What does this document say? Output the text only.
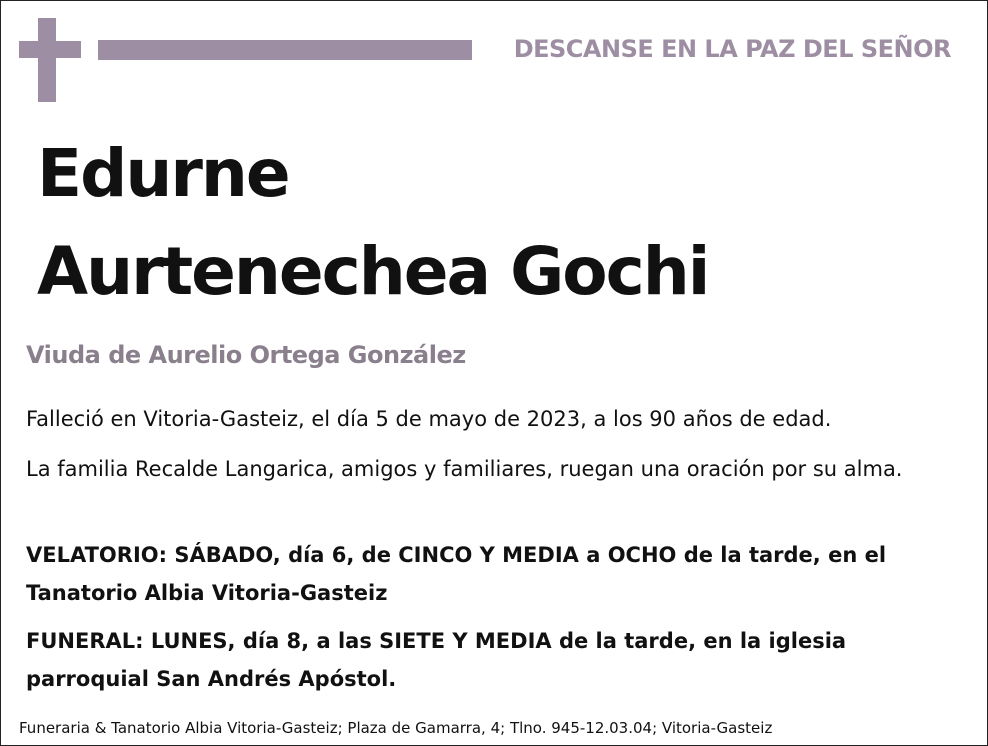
DESCANSE EN LA PAZ DEL SEÑOR
Edurne
Aurtenechea Gochi
Viuda de Aurelio Ortega González
Falleció en Vitoria-Gasteiz, el día 5 de mayo de 2023, a los 90 años de edad.
La familia Recalde Langarica, amigos y familiares, ruegan una oración por su alma.
VELATORIO: SÁBADO, día 6, de CINCO Y MEDIA a OCHO de la tarde, en el Tanatorio Albia Vitoria-Gasteiz
FUNERAL: LUNES, día 8, a las SIETE Y MEDIA de la tarde, en la iglesia parroquial San Andrés Apóstol.
Funeraria & Tanatorio Albia Vitoria-Gasteiz; Plaza de Gamarra, 4; Tlno. 945-12.03.04; Vitoria-Gasteiz
